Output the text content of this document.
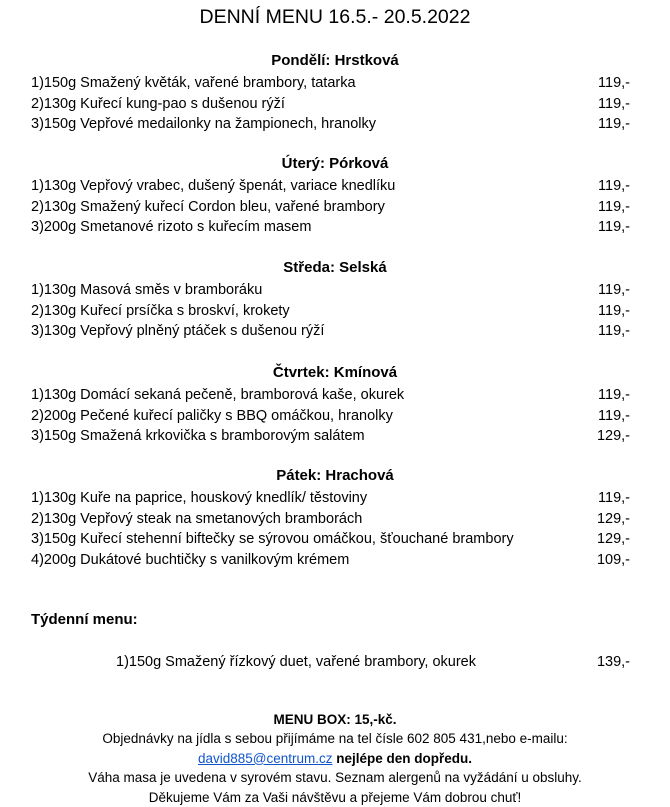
DENNÍ MENU 16.5.- 20.5.2022
Pondělí: Hrstková
1)150g Smažený květák, vařené brambory, tatarka	119,-
2)130g Kuřecí kung-pao s dušenou rýží	119,-
3)150g Vepřové medailonky na žampionech, hranolky	119,-
Úterý: Pórková
1)130g Vepřový vrabec, dušený špenát, variace knedlíku	119,-
2)130g Smažený kuřecí Cordon bleu, vařené brambory	119,-
3)200g Smetanové rizoto s kuřecím masem	119,-
Středa: Selská
1)130g Masová směs v bramboráku	119,-
2)130g Kuřecí prsíčka s broskví, krokety	119,-
3)130g Vepřový plněný ptáček s dušenou rýží	119,-
Čtvrtek: Kmínová
1)130g Domácí sekaná pečeně, bramborová kaše, okurek	119,-
2)200g Pečené kuřecí paličky s BBQ omáčkou, hranolky	119,-
3)150g Smažená krkovička s bramborovým salátem	129,-
Pátek: Hrachová
1)130g Kuře na paprice, houskový knedlík/ těstoviny	119,-
2)130g Vepřový steak na smetanových bramborách	129,-
3)150g Kuřecí stehenní biftečky se sýrovou omáčkou, šťouchané brambory	129,-
4)200g Dukátové buchtičky s vanilkovým krémem	109,-
Týdenní menu:
1)150g Smažený řízkový duet, vařené brambory, okurek	139,-
MENU BOX: 15,-kč.
Objednávky na jídla s sebou přijímáme na tel čísle 602 805 431,nebo e-mailu:
david885@centrum.cz nejlépe den dopředu.
Váha masa je uvedena v syrovém stavu. Seznam alergenů na vyžádání u obsluhy.
Děkujeme Vám za Vaši návštěvu a přejeme Vám dobrou chuť!
